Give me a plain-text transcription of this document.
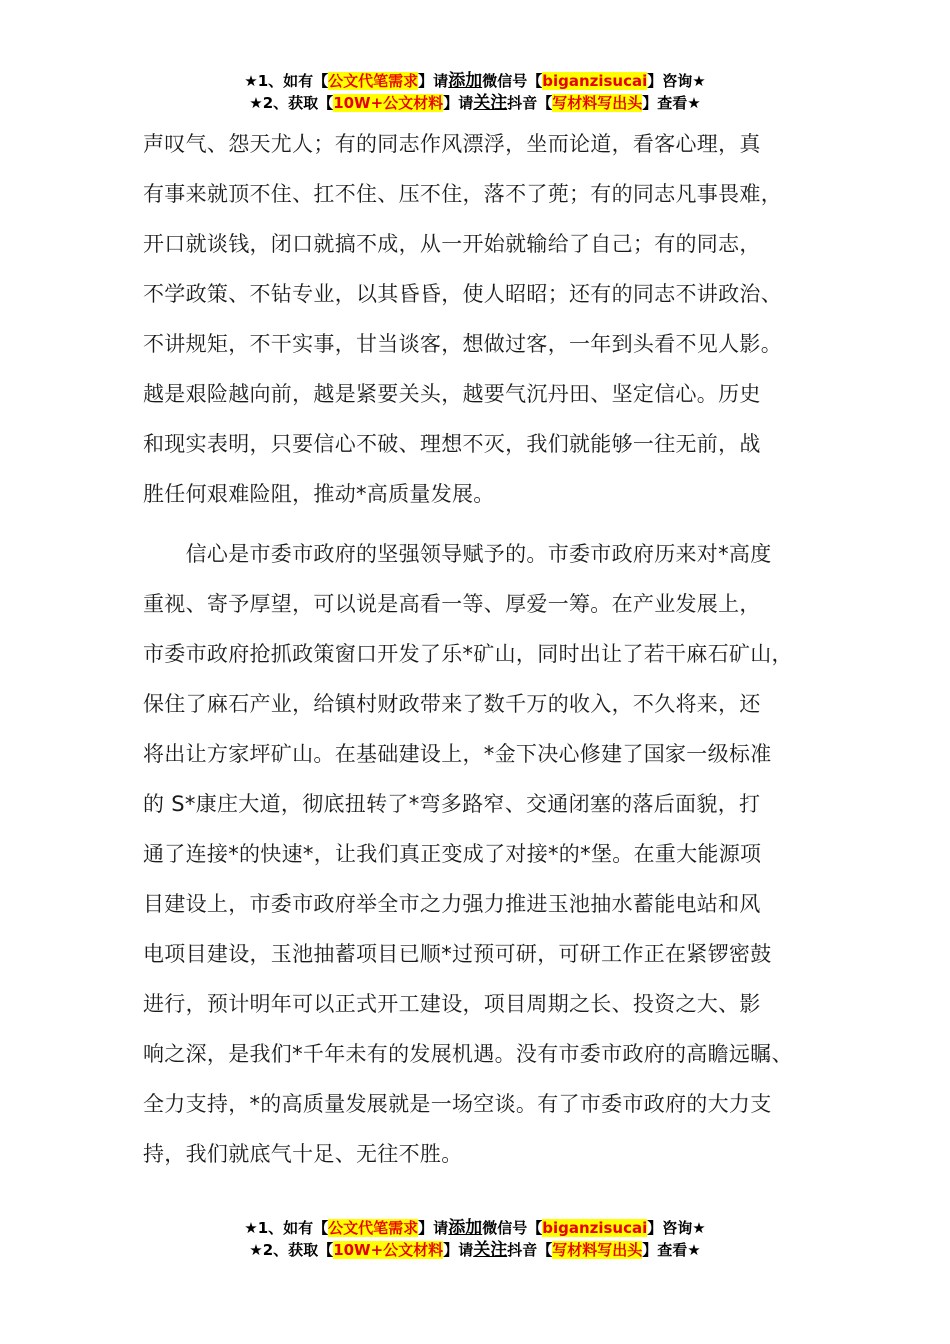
★1、如有【公文代笔需求】请添加微信号【biganzisucai】咨询★
★2、获取【10W+公文材料】请关注抖音【写材料写出头】查看★
声叹气、怨天尤人；有的同志作风漂浮，坐而论道，看客心理，真
有事来就顶不住、扛不住、压不住，落不了蔸；有的同志凡事畏难，
开口就谈钱，闭口就搞不成，从一开始就输给了自己；有的同志，
不学政策、不钻专业，以其昏昏，使人昭昭；还有的同志不讲政治、
不讲规矩，不干实事，甘当谈客，想做过客，一年到头看不见人影。
越是艰险越向前，越是紧要关头，越要气沉丹田、坚定信心。历史
和现实表明，只要信心不破、理想不灭，我们就能够一往无前，战
胜任何艰难险阻，推动*高质量发展。
　　信心是市委市政府的坚强领导赋予的。市委市政府历来对*高度
重视、寄予厚望，可以说是高看一等、厚爱一筹。在产业发展上，
市委市政府抢抓政策窗口开发了乐*矿山，同时出让了若干麻石矿山，
保住了麻石产业，给镇村财政带来了数千万的收入，不久将来，还
将出让方家坪矿山。在基础建设上，*金下决心修建了国家一级标准
的 S*康庄大道，彻底扭转了*弯多路窄、交通闭塞的落后面貌，打
通了连接*的快速*，让我们真正变成了对接*的*堡。在重大能源项
目建设上，市委市政府举全市之力强力推进玉池抽水蓄能电站和风
电项目建设，玉池抽蓄项目已顺*过预可研，可研工作正在紧锣密鼓
进行，预计明年可以正式开工建设，项目周期之长、投资之大、影
响之深，是我们*千年未有的发展机遇。没有市委市政府的高瞻远瞩、
全力支持，*的高质量发展就是一场空谈。有了市委市政府的大力支
持，我们就底气十足、无往不胜。
★1、如有【公文代笔需求】请添加微信号【biganzisucai】咨询★
★2、获取【10W+公文材料】请关注抖音【写材料写出头】查看★
